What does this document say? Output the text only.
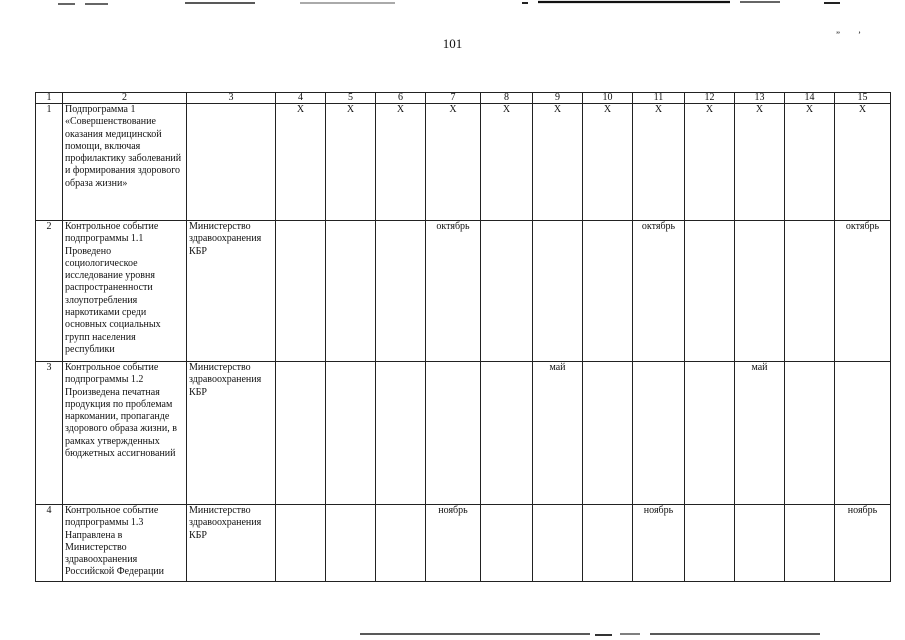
101
”’
1	2	3	4	5	6	7	8	9	10	11	12	13	14	15
1	Подпрограмма 1 «Совершенствование оказания медицинской помощи, включая профилактику заболеваний и формирования здорового образа жизни»		X	X	X	X	X	X	X	X	X	X	X	X
2	Контрольное событие подпрограммы 1.1 Проведено социологическое исследование уровня распространенности злоупотребления наркотиками среди основных социальных групп населения республики	Министерство здравоохранения КБР				октябрь				октябрь				октябрь
3	Контрольное событие подпрограммы 1.2 Произведена печатная продукция по проблемам наркомании, пропаганде здорового образа жизни, в рамках утвержденных бюджетных ассигнований	Министерство здравоохранения КБР						май				май		
4	Контрольное событие подпрограммы 1.3 Направлена в Министерство здравоохранения Российской Федерации	Министерство здравоохранения КБР				ноябрь				ноябрь				ноябрь
